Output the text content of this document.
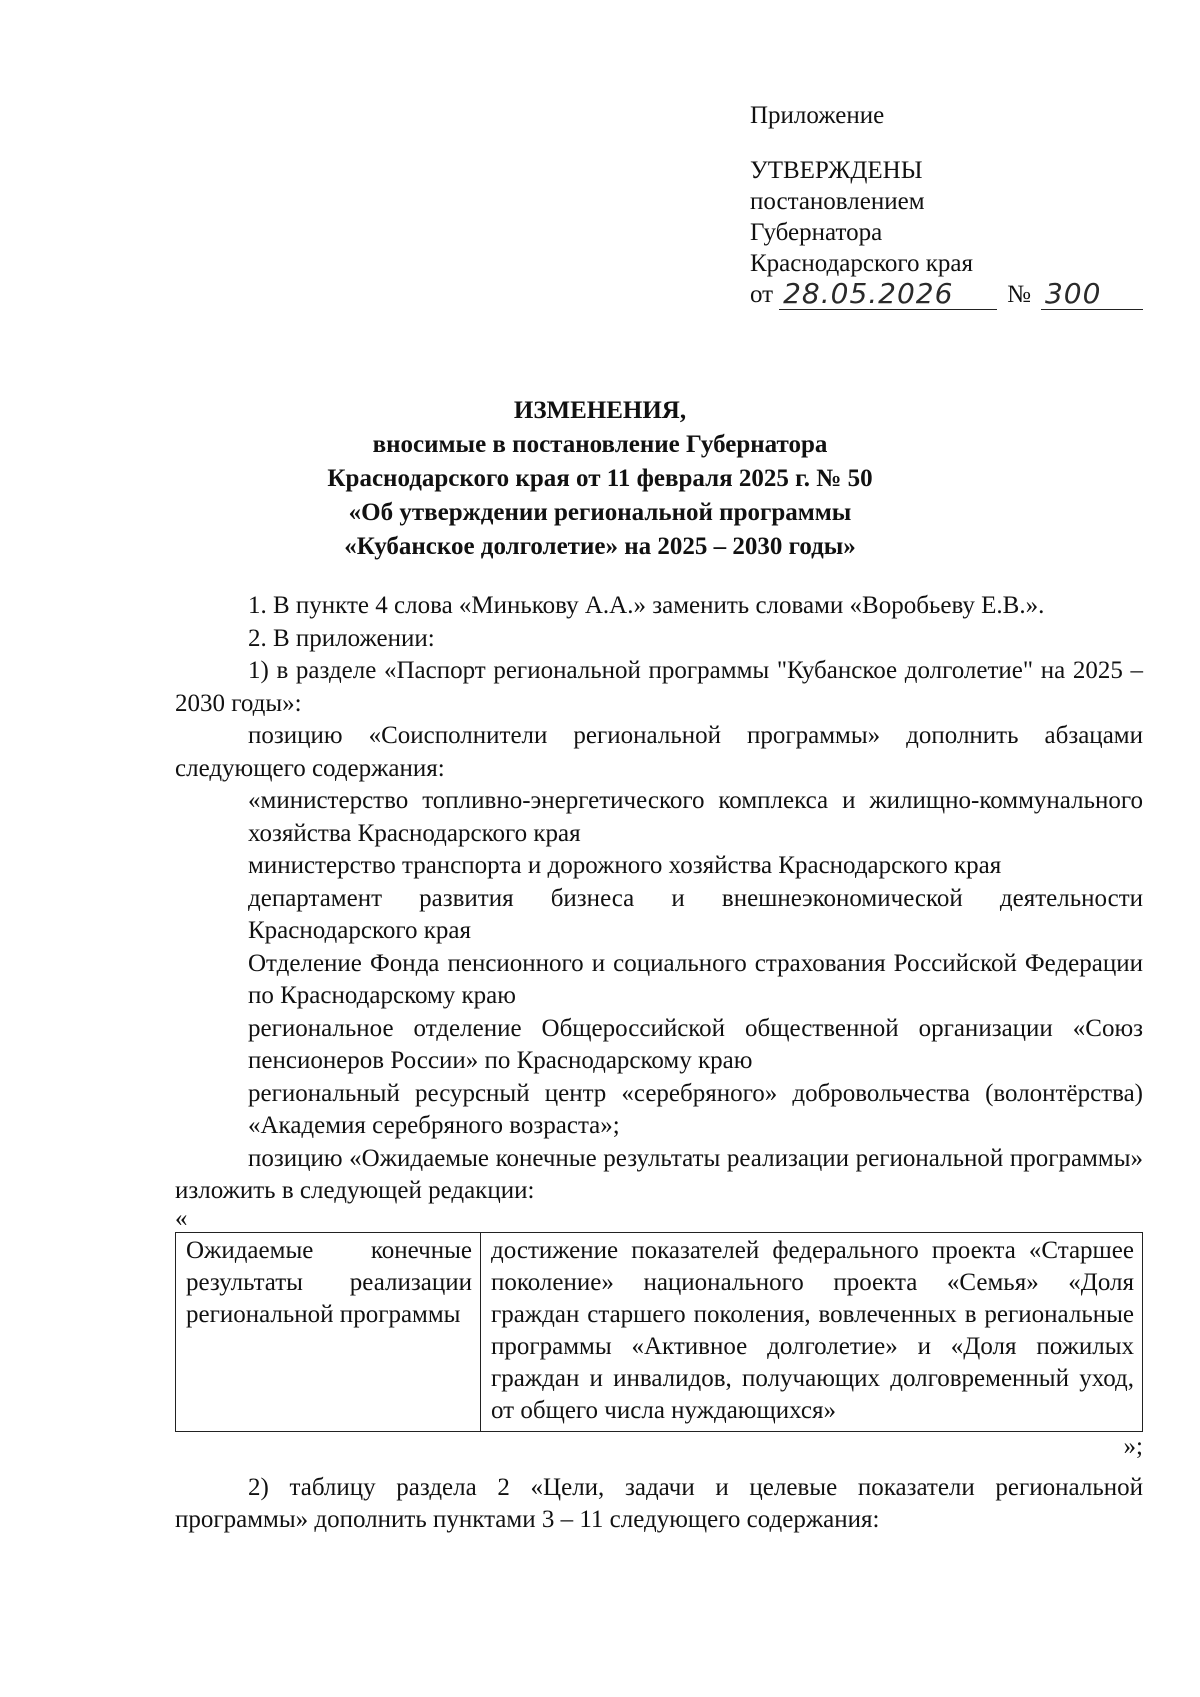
Приложение
УТВЕРЖДЕНЫ
постановлением
Губернатора
Краснодарского края
от 28.05.2026	№ 300
ИЗМЕНЕНИЯ,
вносимые в постановление Губернатора
Краснодарского края от 11 февраля 2025 г. № 50
«Об утверждении региональной программы
«Кубанское долголетие» на 2025 – 2030 годы»

1. В пункте 4 слова «Минькову А.А.» заменить словами «Воробьеву Е.В.».

2. В приложении:

1) в разделе «Паспорт региональной программы "Кубанское долголетие" на 2025 – 2030 годы»:

позицию «Соисполнители региональной программы» дополнить абзацами следующего содержания:

«министерство топливно-энергетического комплекса и жилищно-коммунального хозяйства Краснодарского края

министерство транспорта и дорожного хозяйства Краснодарского края

департамент развития бизнеса и внешнеэкономической деятельности Краснодарского края

Отделение Фонда пенсионного и социального страхования Российской Федерации по Краснодарскому краю

региональное отделение Общероссийской общественной организации «Союз пенсионеров России» по Краснодарскому краю

региональный ресурсный центр «серебряного» добровольчества (волонтёрства) «Академия серебряного возраста»;

позицию «Ожидаемые конечные результаты реализации региональной программы» изложить в следующей редакции:

«

Ожидаемые конечные результаты реализации региональной программы	достижение показателей федерального проекта «Старшее поколение» национального проекта «Семья» «Доля граждан старшего поколения, вовлеченных в региональные программы «Активное долголетие» и «Доля пожилых граждан и инвалидов, получающих долговременный уход, от общего числа нуждающихся»

»;

2) таблицу раздела 2 «Цели, задачи и целевые показатели региональной программы» дополнить пунктами 3 – 11 следующего содержания:
